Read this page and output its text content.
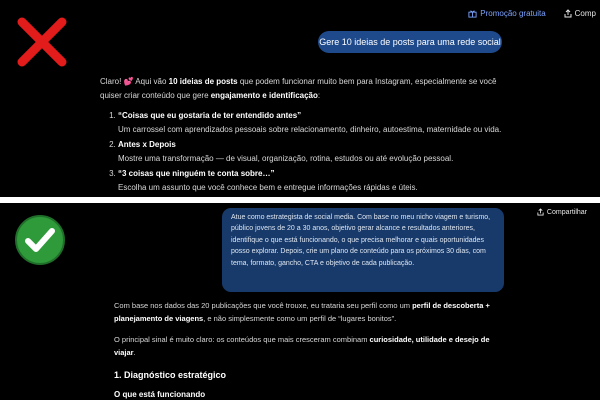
Promoção gratuita	Comp
Gere 10 ideias de posts para uma rede social

Claro! 💕 Aqui vão 10 ideias de posts que podem funcionar muito bem para Instagram, especialmente se você quiser criar conteúdo que gere engajamento e identificação:

1. “Coisas que eu gostaria de ter entendido antes”
Um carrossel com aprendizados pessoais sobre relacionamento, dinheiro, autoestima, maternidade ou vida.
2. Antes x Depois
Mostre uma transformação — de visual, organização, rotina, estudos ou até evolução pessoal.
3. “3 coisas que ninguém te conta sobre…”
Escolha um assunto que você conhece bem e entregue informações rápidas e úteis.
Compartilhar
Atue como estrategista de social media. Com base no meu nicho viagem e turismo, público jovens de 20 a 30 anos, objetivo gerar alcance e resultados anteriores, identifique o que está funcionando, o que precisa melhorar e quais oportunidades posso explorar. Depois, crie um plano de conteúdo para os próximos 30 dias, com tema, formato, gancho, CTA e objetivo de cada publicação.

Com base nos dados das 20 publicações que você trouxe, eu trataria seu perfil como um perfil de descoberta + planejamento de viagens, e não simplesmente como um perfil de “lugares bonitos”.

O principal sinal é muito claro: os conteúdos que mais cresceram combinam curiosidade, utilidade e desejo de viajar.

1. Diagnóstico estratégico
O que está funcionando
